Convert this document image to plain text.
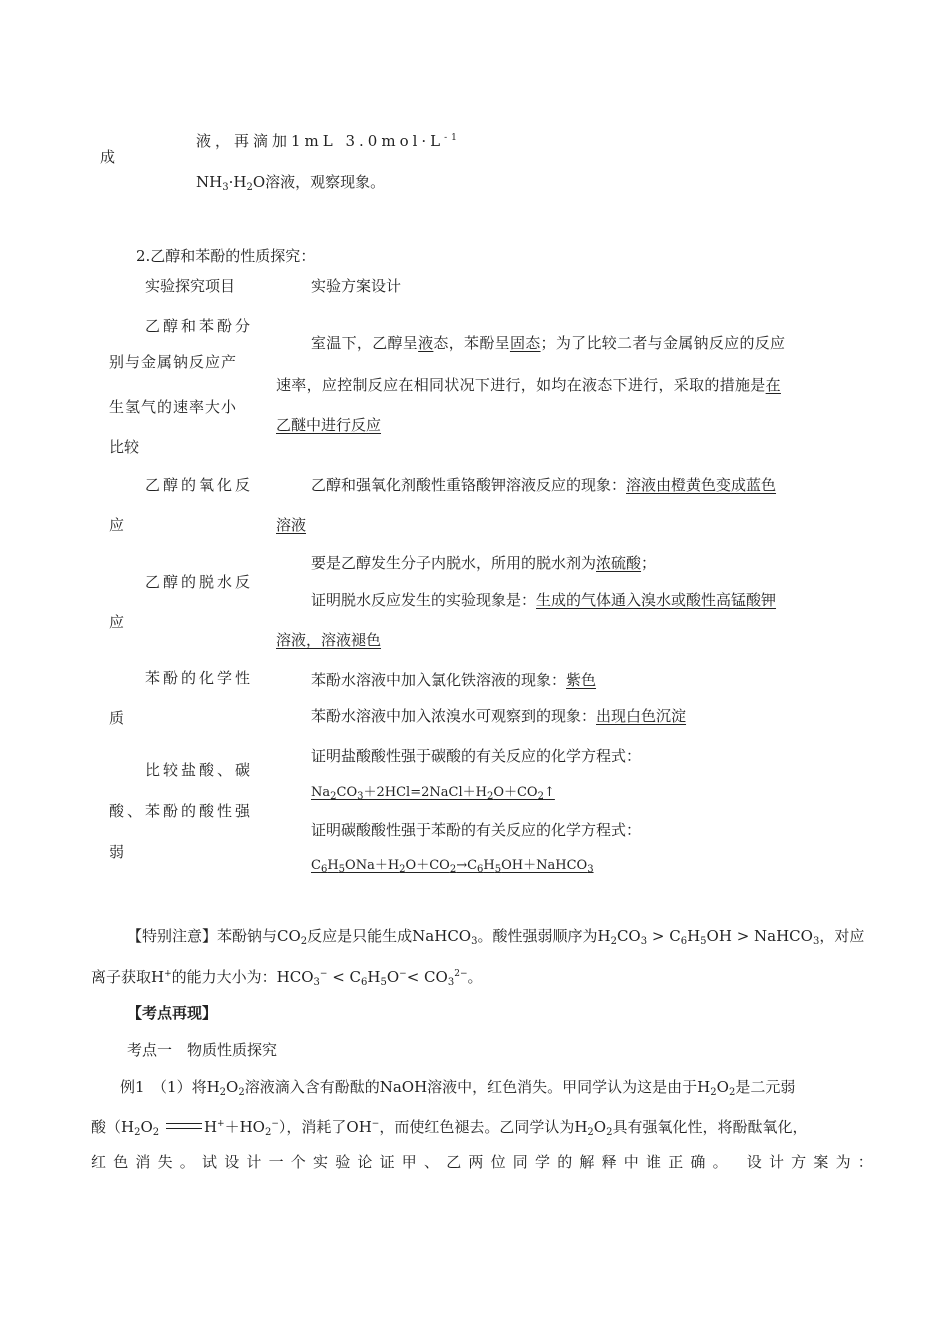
成
液，再滴加1mL $3.0mol\cdot L^{-1}$
$NH_3\cdot H_2O$溶液，观察现象。
2.乙醇和苯酚的性质探究：
实验探究项目	实验方案设计
乙醇和苯酚分
别与金属钠反应产
生氢气的速率大小
比较
室温下，乙醇呈液态，苯酚呈固态；为了比较二者与金属钠反应的反应
速率，应控制反应在相同状况下进行，如均在液态下进行，采取的措施是在
乙醚中进行反应
乙醇的氧化反
应
乙醇和强氧化剂酸性重铬酸钾溶液反应的现象：溶液由橙黄色变成蓝色
溶液
乙醇的脱水反
应
要是乙醇发生分子内脱水，所用的脱水剂为浓硫酸；
证明脱水反应发生的实验现象是：生成的气体通入溴水或酸性高锰酸钾
溶液，溶液褪色
苯酚的化学性
质
苯酚水溶液中加入氯化铁溶液的现象：紫色
苯酚水溶液中加入浓溴水可观察到的现象：出现白色沉淀
比较盐酸、碳
酸、苯酚的酸性强
弱
证明盐酸酸性强于碳酸的有关反应的化学方程式：
$Na_2CO_3+2HCl=2NaCl+H_2O+CO_2↑$
证明碳酸酸性强于苯酚的有关反应的化学方程式：
$C_6H_5ONa+H_2O+CO_2\to C_6H_5OH+NaHCO_3$
【特别注意】苯酚钠与$CO_2$反应是只能生成NaHCO$_3$。酸性强弱顺序为$H_2CO_3 > C_6H_5OH$ > NaHCO$_3$，对应
离子获取H+的能力大小为：$HCO_3^- < C_6H_5O^-< CO_3^{2-}$。
【考点再现】
考点一　物质性质探究
例1　（1）将$H_2O_2$溶液滴入含有酚酞的NaOH溶液中，红色消失。甲同学认为这是由于$H_2O_2$是二元弱
酸（$H_2O_2$	$H^++HO_2^-$），消耗了OH−，而使红色褪去。乙同学认为$H_2O_2$具有强氧化性，将酚酞氧化，
红色消失。试设计一个实验论证甲、乙两位同学的解释中谁正确。 设计方案为：
